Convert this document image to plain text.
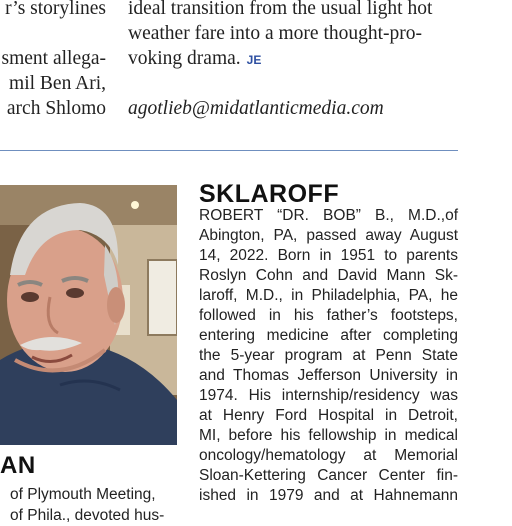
r’s storylines
sment allega-
mil Ben Ari,
arch Shlomo
ideal transition from the usual light hot
weather fare into a more thought-pro-
voking drama. JE
agotlieb@midatlanticmedia.com
AN
of Plymouth Meeting,
of Phila., devoted hus-
SKLAROFF
ROBERT “DR. BOB” B., M.D.,of
Abington, PA, passed away August
14, 2022. Born in 1951 to parents
Roslyn Cohn and David Mann Sk-
laroff, M.D., in Philadelphia, PA, he
followed in his father’s footsteps,
entering medicine after completing
the 5-year program at Penn State
and Thomas Jefferson University in
1974. His internship/residency was
at Henry Ford Hospital in Detroit,
MI, before his fellowship in medical
oncology/hematology at Memorial
Sloan-Kettering Cancer Center fin-
ished in 1979 and at Hahnemann
